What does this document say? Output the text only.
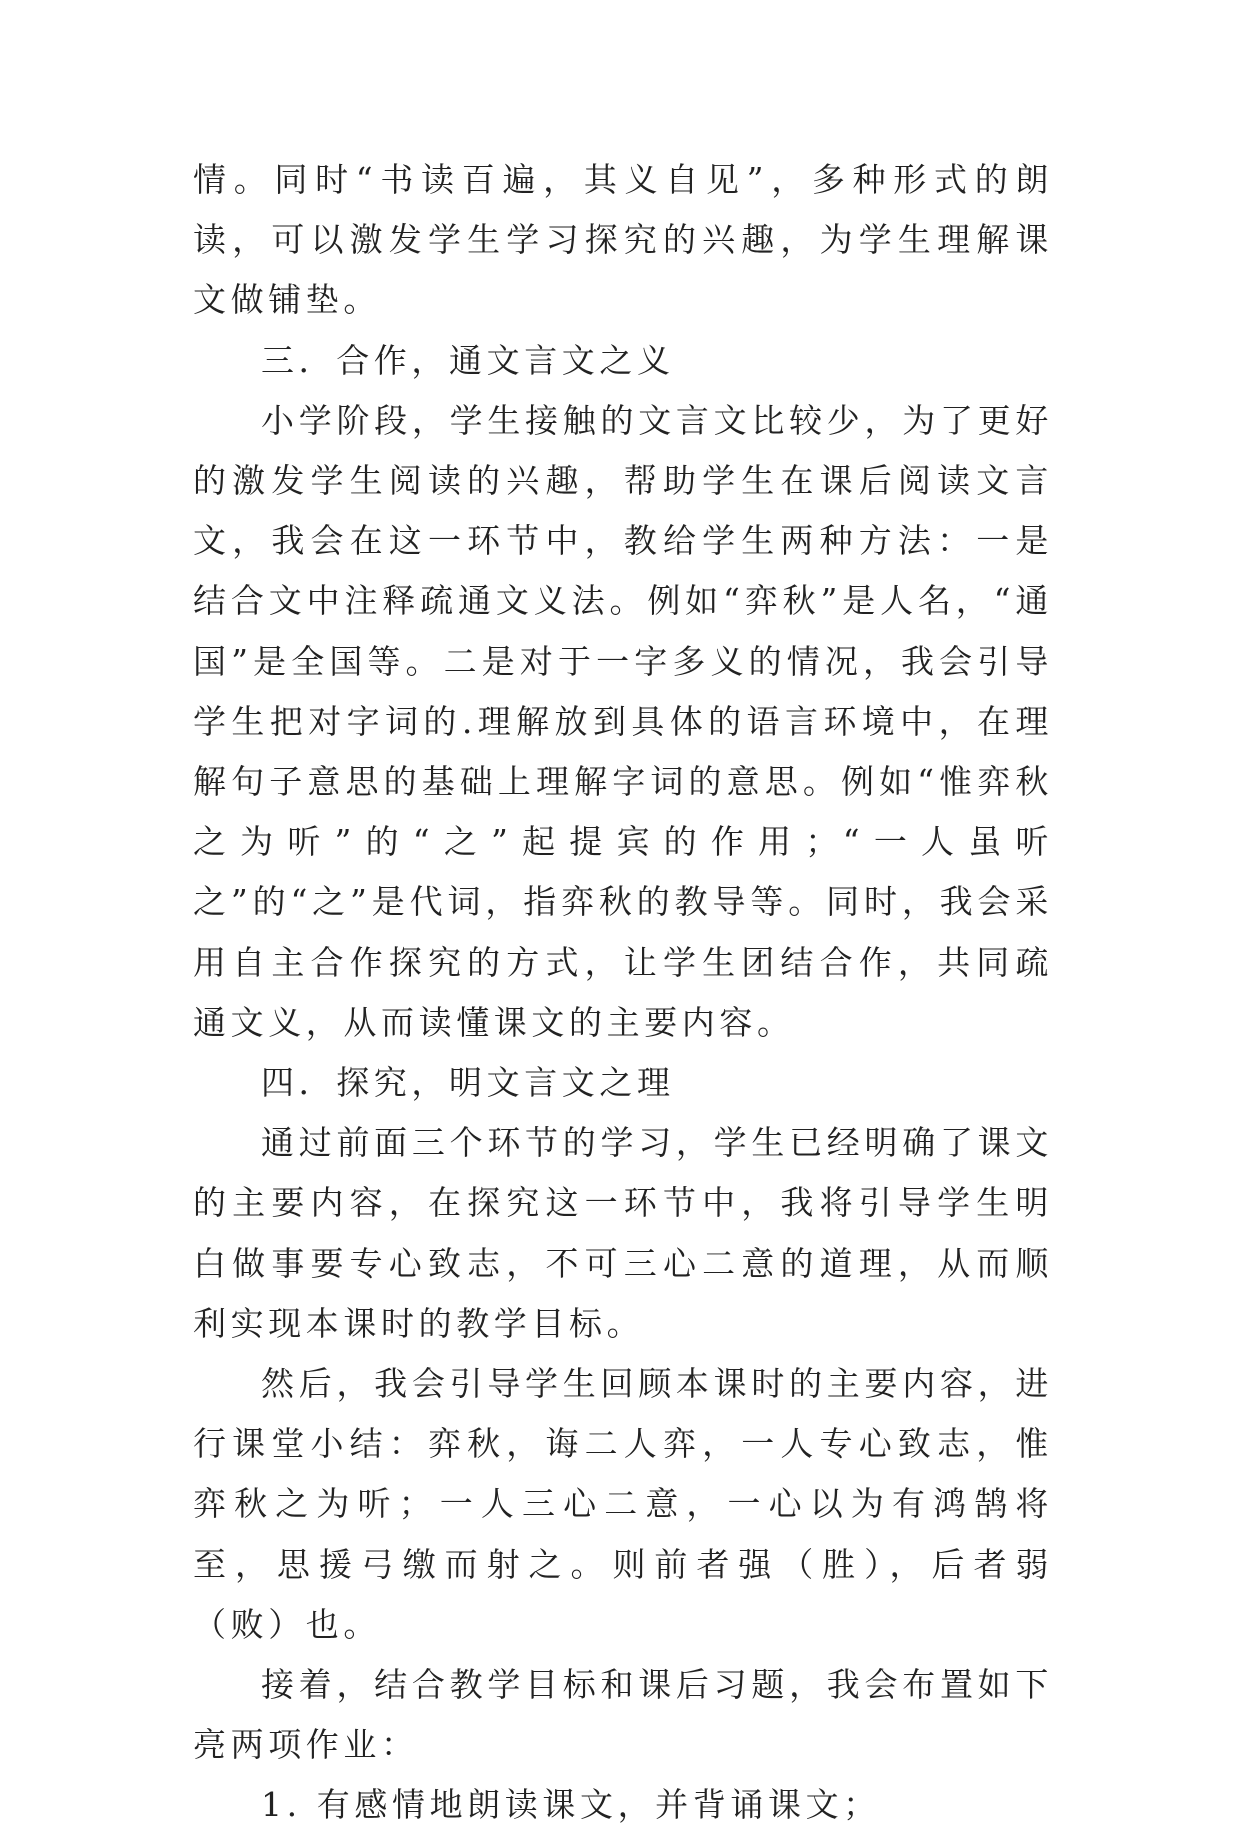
情。同时“书读百遍，其义自见”，多种形式的朗读，可以激发学生学习探究的兴趣，为学生理解课文做铺垫。

三．合作，通文言文之义

小学阶段，学生接触的文言文比较少，为了更好的激发学生阅读的兴趣，帮助学生在课后阅读文言文，我会在这一环节中，教给学生两种方法：一是结合文中注释疏通文义法。例如“弈秋”是人名，“通国”是全国等。二是对于一字多义的情况，我会引导学生把对字词的.理解放到具体的语言环境中，在理解句子意思的基础上理解字词的意思。例如“惟弈秋之为听”的“之”起提宾的作用；“一人虽听之”的“之”是代词，指弈秋的教导等。同时，我会采用自主合作探究的方式，让学生团结合作，共同疏通文义，从而读懂课文的主要内容。

四．探究，明文言文之理

通过前面三个环节的学习，学生已经明确了课文的主要内容，在探究这一环节中，我将引导学生明白做事要专心致志，不可三心二意的道理，从而顺利实现本课时的教学目标。

然后，我会引导学生回顾本课时的主要内容，进行课堂小结：弈秋，诲二人弈，一人专心致志，惟弈秋之为听；一人三心二意，一心以为有鸿鹄将至，思援弓缴而射之。则前者强（胜），后者弱（败）也。

接着，结合教学目标和课后习题，我会布置如下亮两项作业：

1. 有感情地朗读课文，并背诵课文；
